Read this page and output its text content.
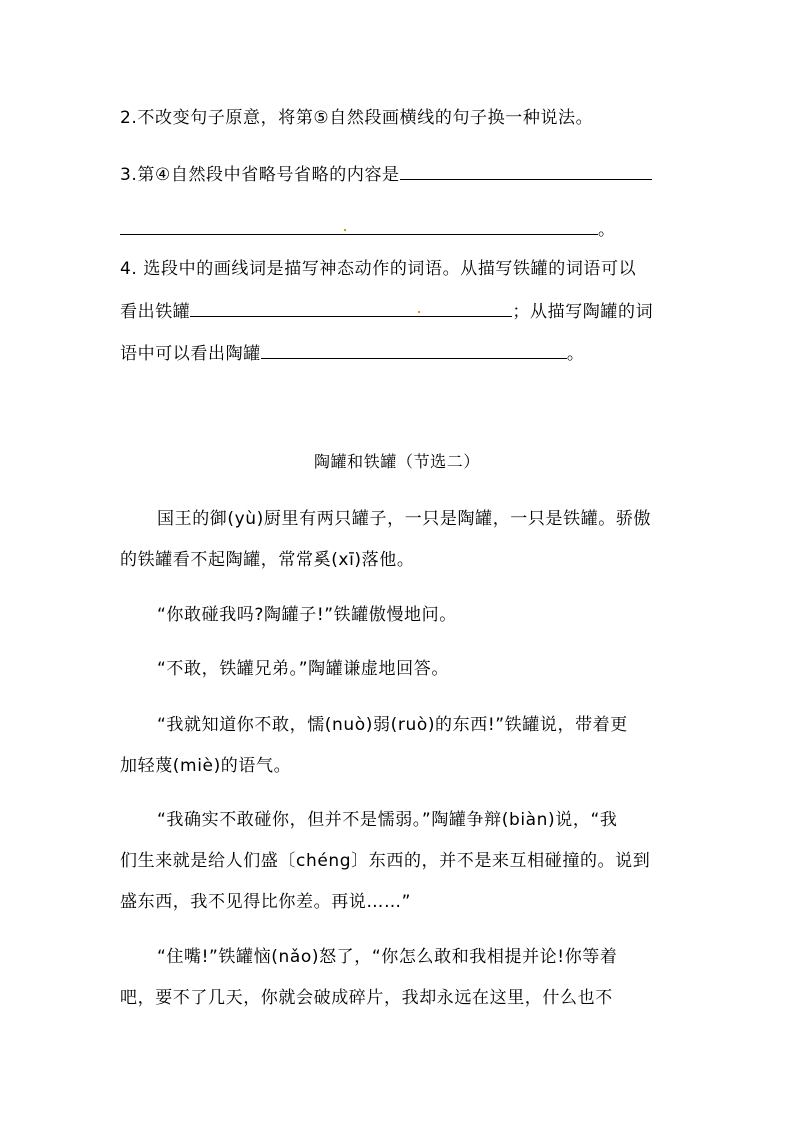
2.不改变句子原意，将第⑤自然段画横线的句子换一种说法。
3.第④自然段中省略号省略的内容是
。
4. 选段中的画线词是描写神态动作的词语。从描写铁罐的词语可以
看出铁罐	；从描写陶罐的词
语中可以看出陶罐	。
陶罐和铁罐（节选二）
国王的御(yù)厨里有两只罐子，一只是陶罐，一只是铁罐。骄傲
的铁罐看不起陶罐，常常奚(xī)落他。
“你敢碰我吗?陶罐子!”铁罐傲慢地问。
“不敢，铁罐兄弟。”陶罐谦虚地回答。
“我就知道你不敢，懦(nuò)弱(ruò)的东西!”铁罐说，带着更
加轻蔑(miè)的语气。
“我确实不敢碰你，但并不是懦弱。”陶罐争辩(biàn)说，“我
们生来就是给人们盛〔chéng〕东西的，并不是来互相碰撞的。说到
盛东西，我不见得比你差。再说……”
“住嘴!”铁罐恼(nǎo)怒了，“你怎么敢和我相提并论!你等着
吧，要不了几天，你就会破成碎片，我却永远在这里，什么也不
